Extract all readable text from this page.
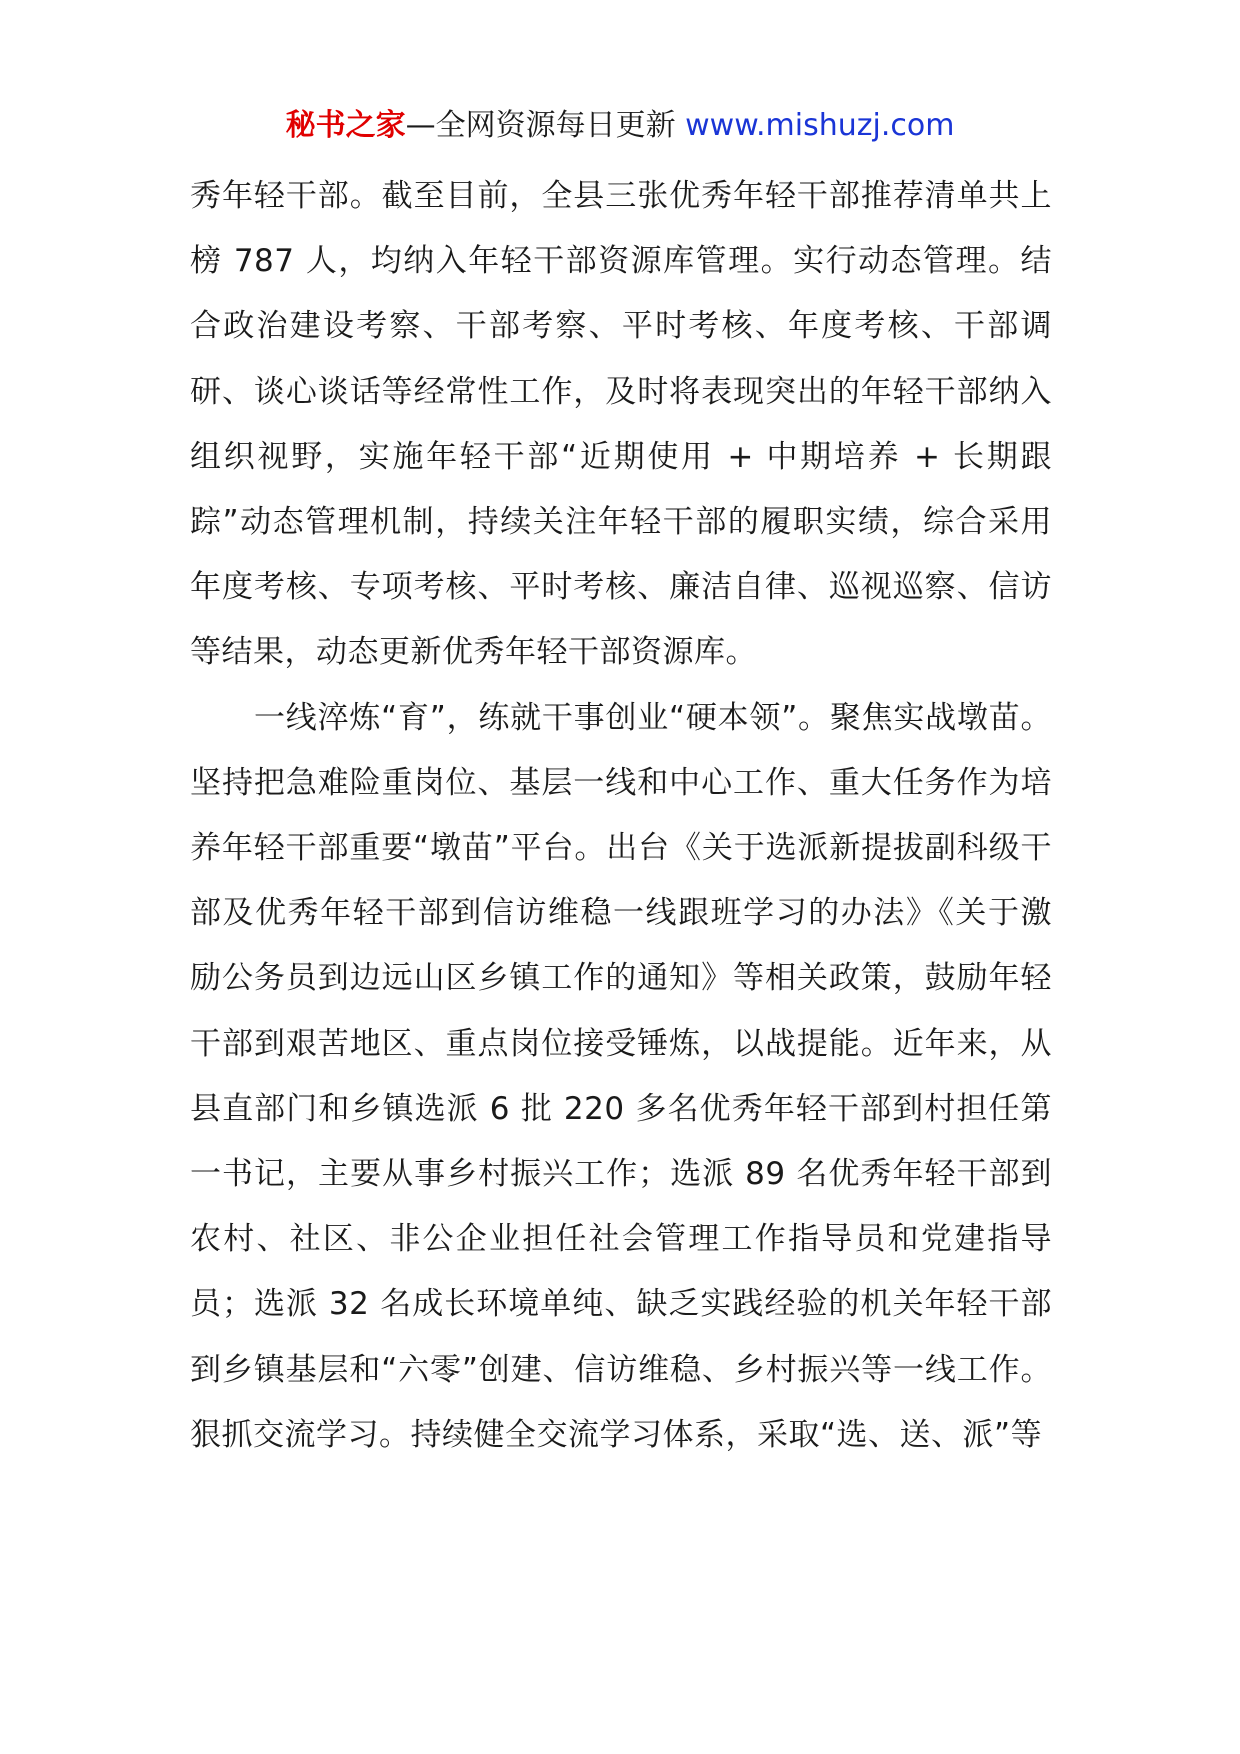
秘书之家—全网资源每日更新 www.mishuzj.com

秀年轻干部。截至目前，全县三张优秀年轻干部推荐清单共上榜 787 人，均纳入年轻干部资源库管理。实行动态管理。结合政治建设考察、干部考察、平时考核、年度考核、干部调研、谈心谈话等经常性工作，及时将表现突出的年轻干部纳入组织视野，实施年轻干部“近期使用 + 中期培养 + 长期跟踪”动态管理机制，持续关注年轻干部的履职实绩，综合采用年度考核、专项考核、平时考核、廉洁自律、巡视巡察、信访等结果，动态更新优秀年轻干部资源库。

一线淬炼“育”，练就干事创业“硬本领”。聚焦实战墩苗。坚持把急难险重岗位、基层一线和中心工作、重大任务作为培养年轻干部重要“墩苗”平台。出台《关于选派新提拔副科级干部及优秀年轻干部到信访维稳一线跟班学习的办法》《关于激励公务员到边远山区乡镇工作的通知》等相关政策，鼓励年轻干部到艰苦地区、重点岗位接受锤炼，以战提能。近年来，从县直部门和乡镇选派 6 批 220 多名优秀年轻干部到村担任第一书记，主要从事乡村振兴工作；选派 89 名优秀年轻干部到农村、社区、非公企业担任社会管理工作指导员和党建指导员；选派 32 名成长环境单纯、缺乏实践经验的机关年轻干部到乡镇基层和“六零”创建、信访维稳、乡村振兴等一线工作。狠抓交流学习。持续健全交流学习体系，采取“选、送、派”等
